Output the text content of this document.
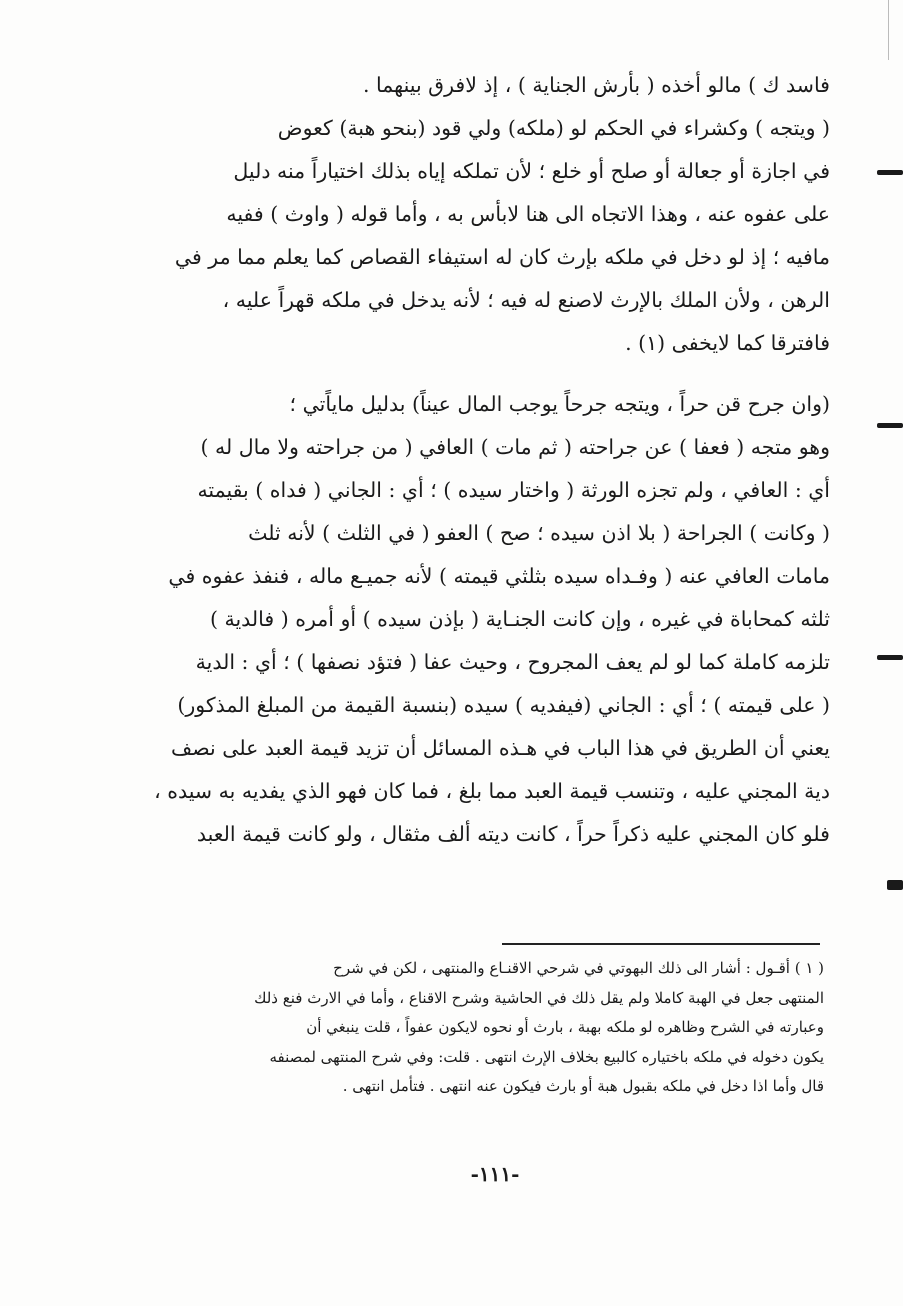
فاسد ك ) مالو أخذه ( بأرش الجناية ) ، إذ لافرق بينهما .
( ويتجه ) وكشراء في الحكم لو (ملكه) ولي قود (بنحو هبة) كعوض
في اجازة أو جعالة أو صلح أو خلع ؛ لأن تملكه إياه بذلك اختياراً منه دليل
على عفوه عنه ، وهذا الاتجاه الى هنا لابأس به ، وأما قوله ( واوث ) ففيه
مافيه ؛ إذ لو دخل في ملكه بإرث كان له استيفاء القصاص كما يعلم مما مر في
الرهن ، ولأن الملك بالإرث لاصنع له فيه ؛ لأنه يدخل في ملكه قهراً عليه ،
فافترقا كما لايخفى (١) .
(وان جرح قن حراً ، ويتجه جرحاً يوجب المال عيناً) بدليل ماياًتي ؛
وهو متجه ( فعفا ) عن جراحته ( ثم مات ) العافي ( من جراحته ولا مال له )
أي : العافي ، ولم تجزه الورثة ( واختار سيده ) ؛ أي : الجاني ( فداه ) بقيمته
( وكانت ) الجراحة ( بلا اذن سيده ؛ صح ) العفو ( في الثلث ) لأنه ثلث
مامات العافي عنه ( وفـداه سيده بثلثي قيمته ) لأنه جميـع ماله ، فنفذ عفوه في
ثلثه كمحاباة في غيره ، وإن كانت الجنـاية ( بإذن سيده ) أو أمره ( فالدية )
تلزمه كاملة كما لو لم يعف المجروح ، وحيث عفا ( فتؤد نصفها ) ؛ أي : الدية
( على قيمته ) ؛ أي : الجاني (فيفديه ) سيده (بنسبة القيمة من المبلغ المذكور)
يعني أن الطريق في هذا الباب في هـذه المسائل أن تزيد قيمة العبد على نصف
دية المجني عليه ، وتنسب قيمة العبد مما بلغ ، فما كان فهو الذي يفديه به سيده ،
فلو كان المجني عليه ذكراً حراً ، كانت ديته ألف مثقال ، ولو كانت قيمة العبد
( ١ ) أقـول : أشار الى ذلك البهوتي في شرحي الاقنـاع والمنتهى ، لكن في شرح
المنتهى جعل في الهبة كاملا ولم يقل ذلك في الحاشية وشرح الاقناع ، وأما في الارث فنع ذلك
وعبارته في الشرح وظاهره لو ملكه بهبة ، بارث أو نحوه لايكون عفواً ، قلت ينبغي أن
يكون دخوله في ملكه باختياره كالبيع بخلاف الإرث انتهى . قلت: وفي شرح المنتهى لمصنفه
قال وأما اذا دخل في ملكه بقبول هبة أو بارث فيكون عنه انتهى . فتأمل انتهى .
-١١١-
